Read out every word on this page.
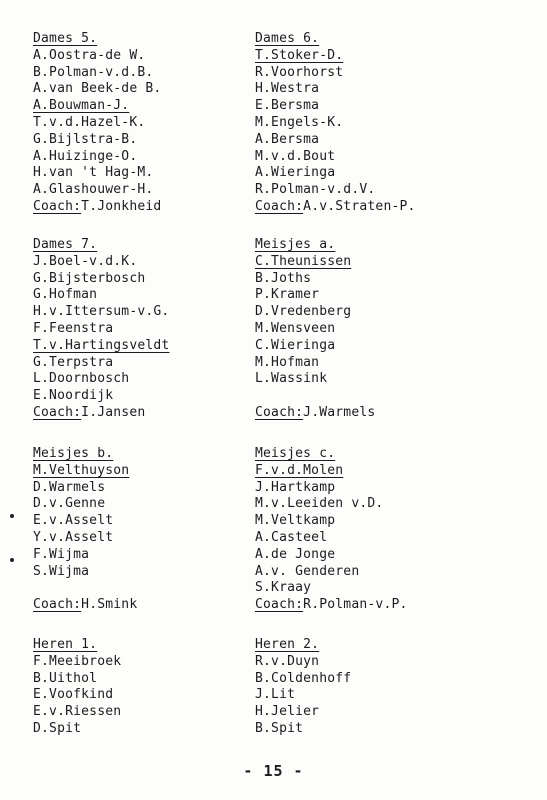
Dames 5.
A.Oostra-de W.
B.Polman-v.d.B.
A.van Beek-de B.
A.Bouwman-J.
T.v.d.Hazel-K.
G.Bijlstra-B.
A.Huizinge-O.
H.van 't Hag-M.
A.Glashouwer-H.
Coach:T.Jonkheid
Dames 6.
T.Stoker-D.
R.Voorhorst
H.Westra
E.Bersma
M.Engels-K.
A.Bersma
M.v.d.Bout
A.Wieringa
R.Polman-v.d.V.
Coach:A.v.Straten-P.
Dames 7.
J.Boel-v.d.K.
G.Bijsterbosch
G.Hofman
H.v.Ittersum-v.G.
F.Feenstra
T.v.Hartingsveldt
G.Terpstra
L.Doornbosch
E.Noordijk
Coach:I.Jansen
Meisjes a.
C.Theunissen
B.Joths
P.Kramer
D.Vredenberg
M.Wensveen
C.Wieringa
M.Hofman
L.Wassink
Coach:J.Warmels
Meisjes b.
M.Velthuyson
D.Warmels
D.v.Genne
E.v.Asselt
Y.v.Asselt
F.Wijma
S.Wijma
Coach:H.Smink
Meisjes c.
F.v.d.Molen
J.Hartkamp
M.v.Leeiden v.D.
M.Veltkamp
A.Casteel
A.de Jonge
A.v. Genderen
S.Kraay
Coach:R.Polman-v.P.
Heren 1.
F.Meeibroek
B.Uithol
E.Voofkind
E.v.Riessen
D.Spit
Heren 2.
R.v.Duyn
B.Coldenhoff
J.Lit
H.Jelier
B.Spit
- 15 -
